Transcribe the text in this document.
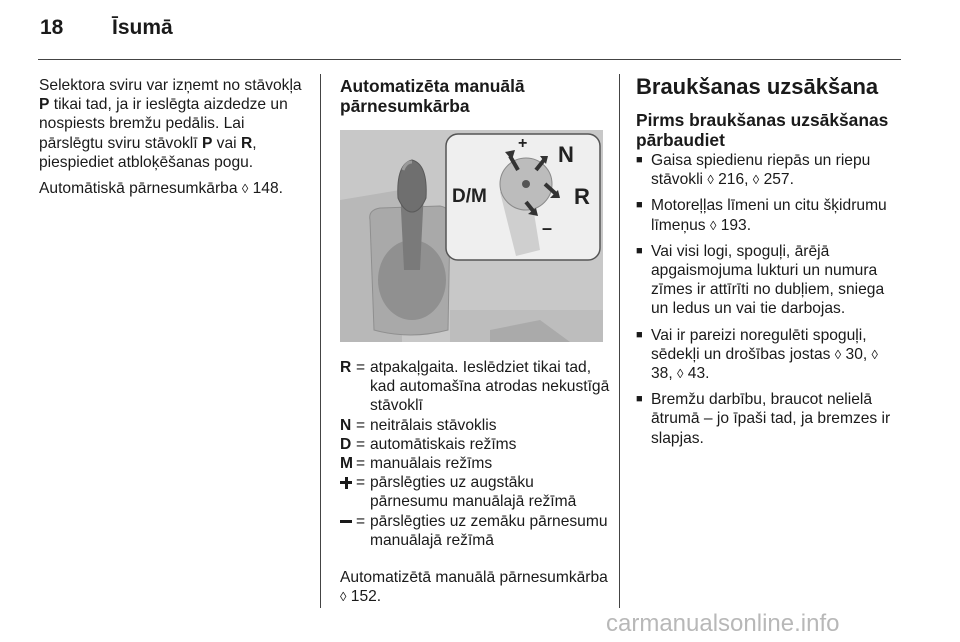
18 Īsumā

Selektora sviru var izņemt no stāvokļa P tikai tad, ja ir ieslēgta aizdedze un nospiests bremžu pedālis. Lai pārslēgtu sviru stāvoklī P vai R, piespiediet atbloķēšanas pogu.

Automātiskā pārnesumkārba ◊ 148.

Automatizēta manuālā pārnesumkārba
+ N
D/M	R
–
R = atpakaļgaita. Ieslēdziet tikai tad, kad automašīna atrodas nekustīgā stāvoklī
N = neitrālais stāvoklis
D = automātiskais režīms
M = manuālais režīms
= pārslēgties uz augstāku pārnesumu manuālajā režīmā
= pārslēgties uz zemāku pārnesumu manuālajā režīmā

Automatizētā manuālā pārnesumkārba ◊ 152.

Braukšanas uzsākšana
Pirms braukšanas uzsākšanas pārbaudiet
■ Gaisa spiedienu riepās un riepu stāvokli ◊ 216, ◊ 257.
■ Motoreļļas līmeni un citu šķidrumu līmeņus ◊ 193.
■ Vai visi logi, spoguļi, ārējā apgaismojuma lukturi un numura zīmes ir attīrīti no dubļiem, sniega un ledus un vai tie darbojas.
■ Vai ir pareizi noregulēti spoguļi, sēdekļi un drošības jostas ◊ 30, ◊ 38, ◊ 43.
■ Bremžu darbību, braucot nelielā ātrumā – jo īpaši tad, ja bremzes ir slapjas.
carmanualsonline.info
